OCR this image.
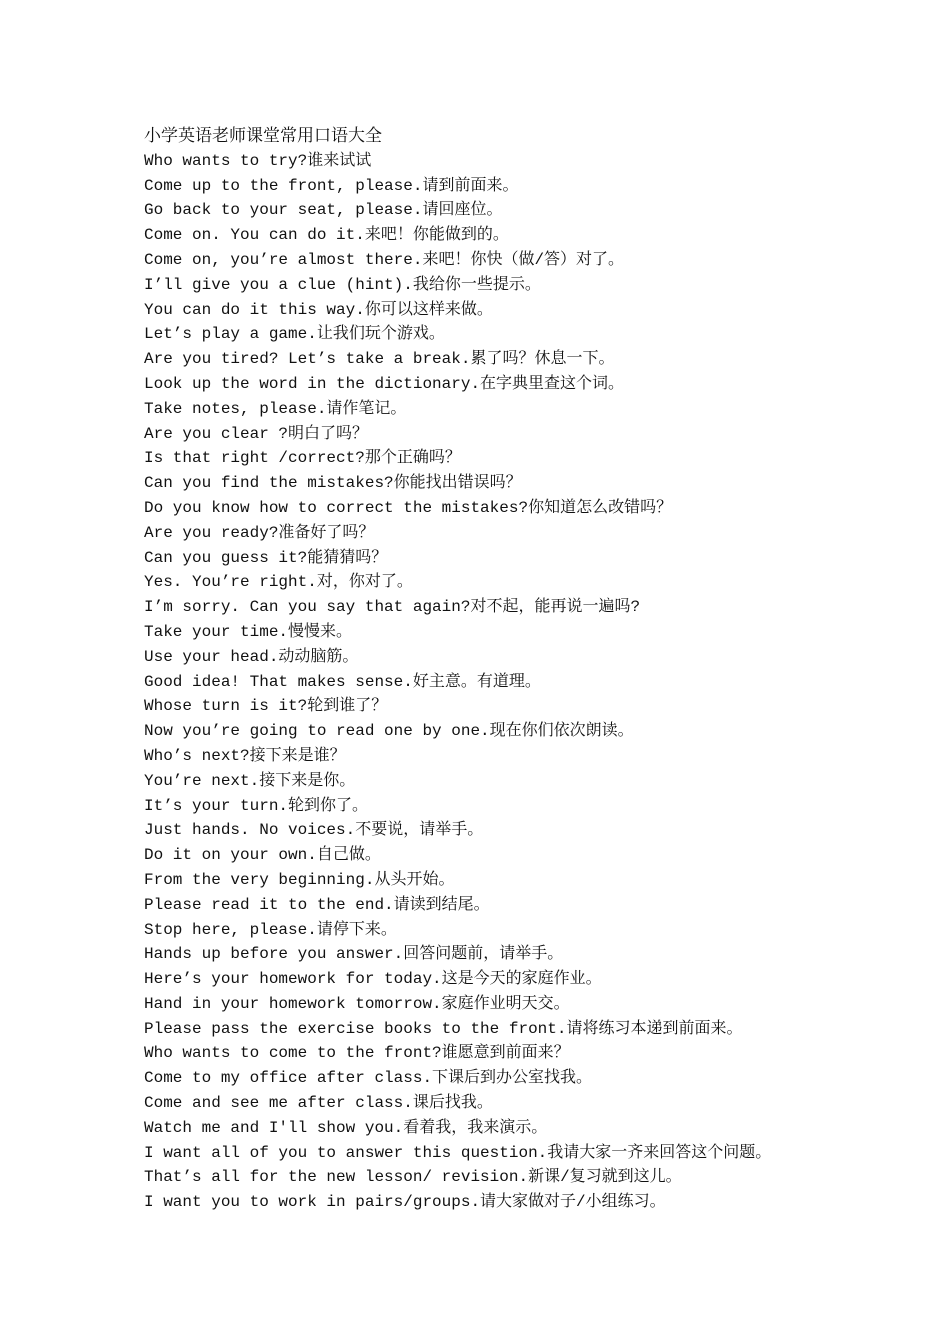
小学英语老师课堂常用口语大全

Who wants to try?谁来试试
Come up to the front, please.请到前面来。
Go back to your seat, please.请回座位。
Come on. You can do it.来吧！你能做到的。
Come on, you’re almost there.来吧！你快（做/答）对了。
I’ll give you a clue (hint).我给你一些提示。
You can do it this way.你可以这样来做。
Let’s play a game.让我们玩个游戏。
Are you tired? Let’s take a break.累了吗？休息一下。
Look up the word in the dictionary.在字典里查这个词。
Take notes, please.请作笔记。
Are you clear ?明白了吗？
Is that right /correct?那个正确吗？
Can you find the mistakes?你能找出错误吗？
Do you know how to correct the mistakes?你知道怎么改错吗？
Are you ready?准备好了吗？
Can you guess it?能猜猜吗？
Yes. You’re right.对，你对了。
I’m sorry. Can you say that again?对不起，能再说一遍吗?
Take your time.慢慢来。
Use your head.动动脑筋。
Good idea! That makes sense.好主意。有道理。
Whose turn is it?轮到谁了？
Now you’re going to read one by one.现在你们依次朗读。
Who’s next?接下来是谁？
You’re next.接下来是你。
It’s your turn.轮到你了。
Just hands. No voices.不要说，请举手。
Do it on your own.自己做。
From the very beginning.从头开始。
Please read it to the end.请读到结尾。
Stop here, please.请停下来。
Hands up before you answer.回答问题前，请举手。
Here’s your homework for today.这是今天的家庭作业。
Hand in your homework tomorrow.家庭作业明天交。
Please pass the exercise books to the front.请将练习本递到前面来。
Who wants to come to the front?谁愿意到前面来？
Come to my office after class.下课后到办公室找我。
Come and see me after class.课后找我。
Watch me and I'll show you.看着我，我来演示。
I want all of you to answer this question.我请大家一齐来回答这个问题。
That’s all for the new lesson/ revision.新课/复习就到这儿。
I want you to work in pairs/groups.请大家做对子/小组练习。
